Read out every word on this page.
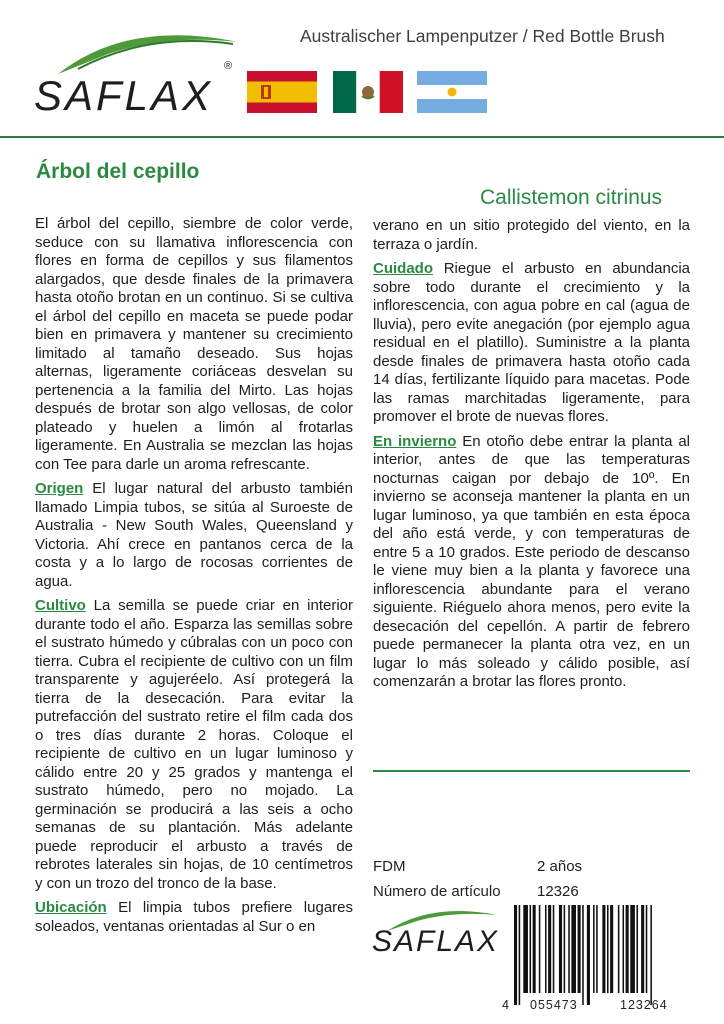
Australischer Lampenputzer / Red Bottle Brush
SAFLAX
®
Árbol del cepillo
Callistemon citrinus

El árbol del cepillo, siembre de color verde, seduce con su llamativa inflorescencia con flores en forma de cepillos y sus filamentos alargados, que desde finales de la primavera hasta otoño brotan en un continuo. Si se cultiva el árbol del cepillo en maceta se puede podar bien en primavera y mantener su crecimiento limitado al tamaño deseado. Sus hojas alternas, ligeramente coriáceas desvelan su pertenencia a la familia del Mirto. Las hojas después de brotar son algo vellosas, de color plateado y huelen a limón al frotarlas ligeramente. En Australia se mezclan las hojas con Tee para darle un aroma refrescante.

Origen El lugar natural del arbusto también llamado Limpia tubos, se sitúa al Suroeste de Australia - New South Wales, Queensland y Victoria. Ahí crece en pantanos cerca de la costa y a lo largo de rocosas corrientes de agua.

Cultivo La semilla se puede criar en interior durante todo el año. Esparza las semillas sobre el sustrato húmedo y cúbralas con un poco con tierra. Cubra el recipiente de cultivo con un film transparente y agujeréelo. Así protegerá la tierra de la desecación. Para evitar la putrefacción del sustrato retire el film cada dos o tres días durante 2 horas. Coloque el recipiente de cultivo en un lugar luminoso y cálido entre 20 y 25 grados y mantenga el sustrato húmedo, pero no mojado. La germinación se producirá a las seis a ocho semanas de su plantación. Más adelante puede reproducir el arbusto a través de rebrotes laterales sin hojas, de 10 centímetros y con un trozo del tronco de la base.

Ubicación El limpia tubos prefiere lugares soleados, ventanas orientadas al Sur o en

verano en un sitio protegido del viento, en la terraza o jardín.

Cuidado Riegue el arbusto en abundancia sobre todo durante el crecimiento y la inflorescencia, con agua pobre en cal (agua de lluvia), pero evite anegación (por ejemplo agua residual en el platillo). Suministre a la planta desde finales de primavera hasta otoño cada 14 días, fertilizante líquido para macetas. Pode las ramas marchitadas ligeramente, para promover el brote de nuevas flores.

En invierno En otoño debe entrar la planta al interior, antes de que las temperaturas nocturnas caigan por debajo de 10º. En invierno se aconseja mantener la planta en un lugar luminoso, ya que también en esta época del año está verde, y con temperaturas de entre 5 a 10 grados. Este periodo de descanso le viene muy bien a la planta y favorece una inflorescencia abundante para el verano siguiente. Riéguelo ahora menos, pero evite la desecación del cepellón. A partir de febrero puede permanecer la planta otra vez, en un lugar lo más soleado y cálido posible, así comenzarán a brotar las flores pronto.

FDM	2 años
Número de artículo 12326
SAFLAX
4 055473	123264
